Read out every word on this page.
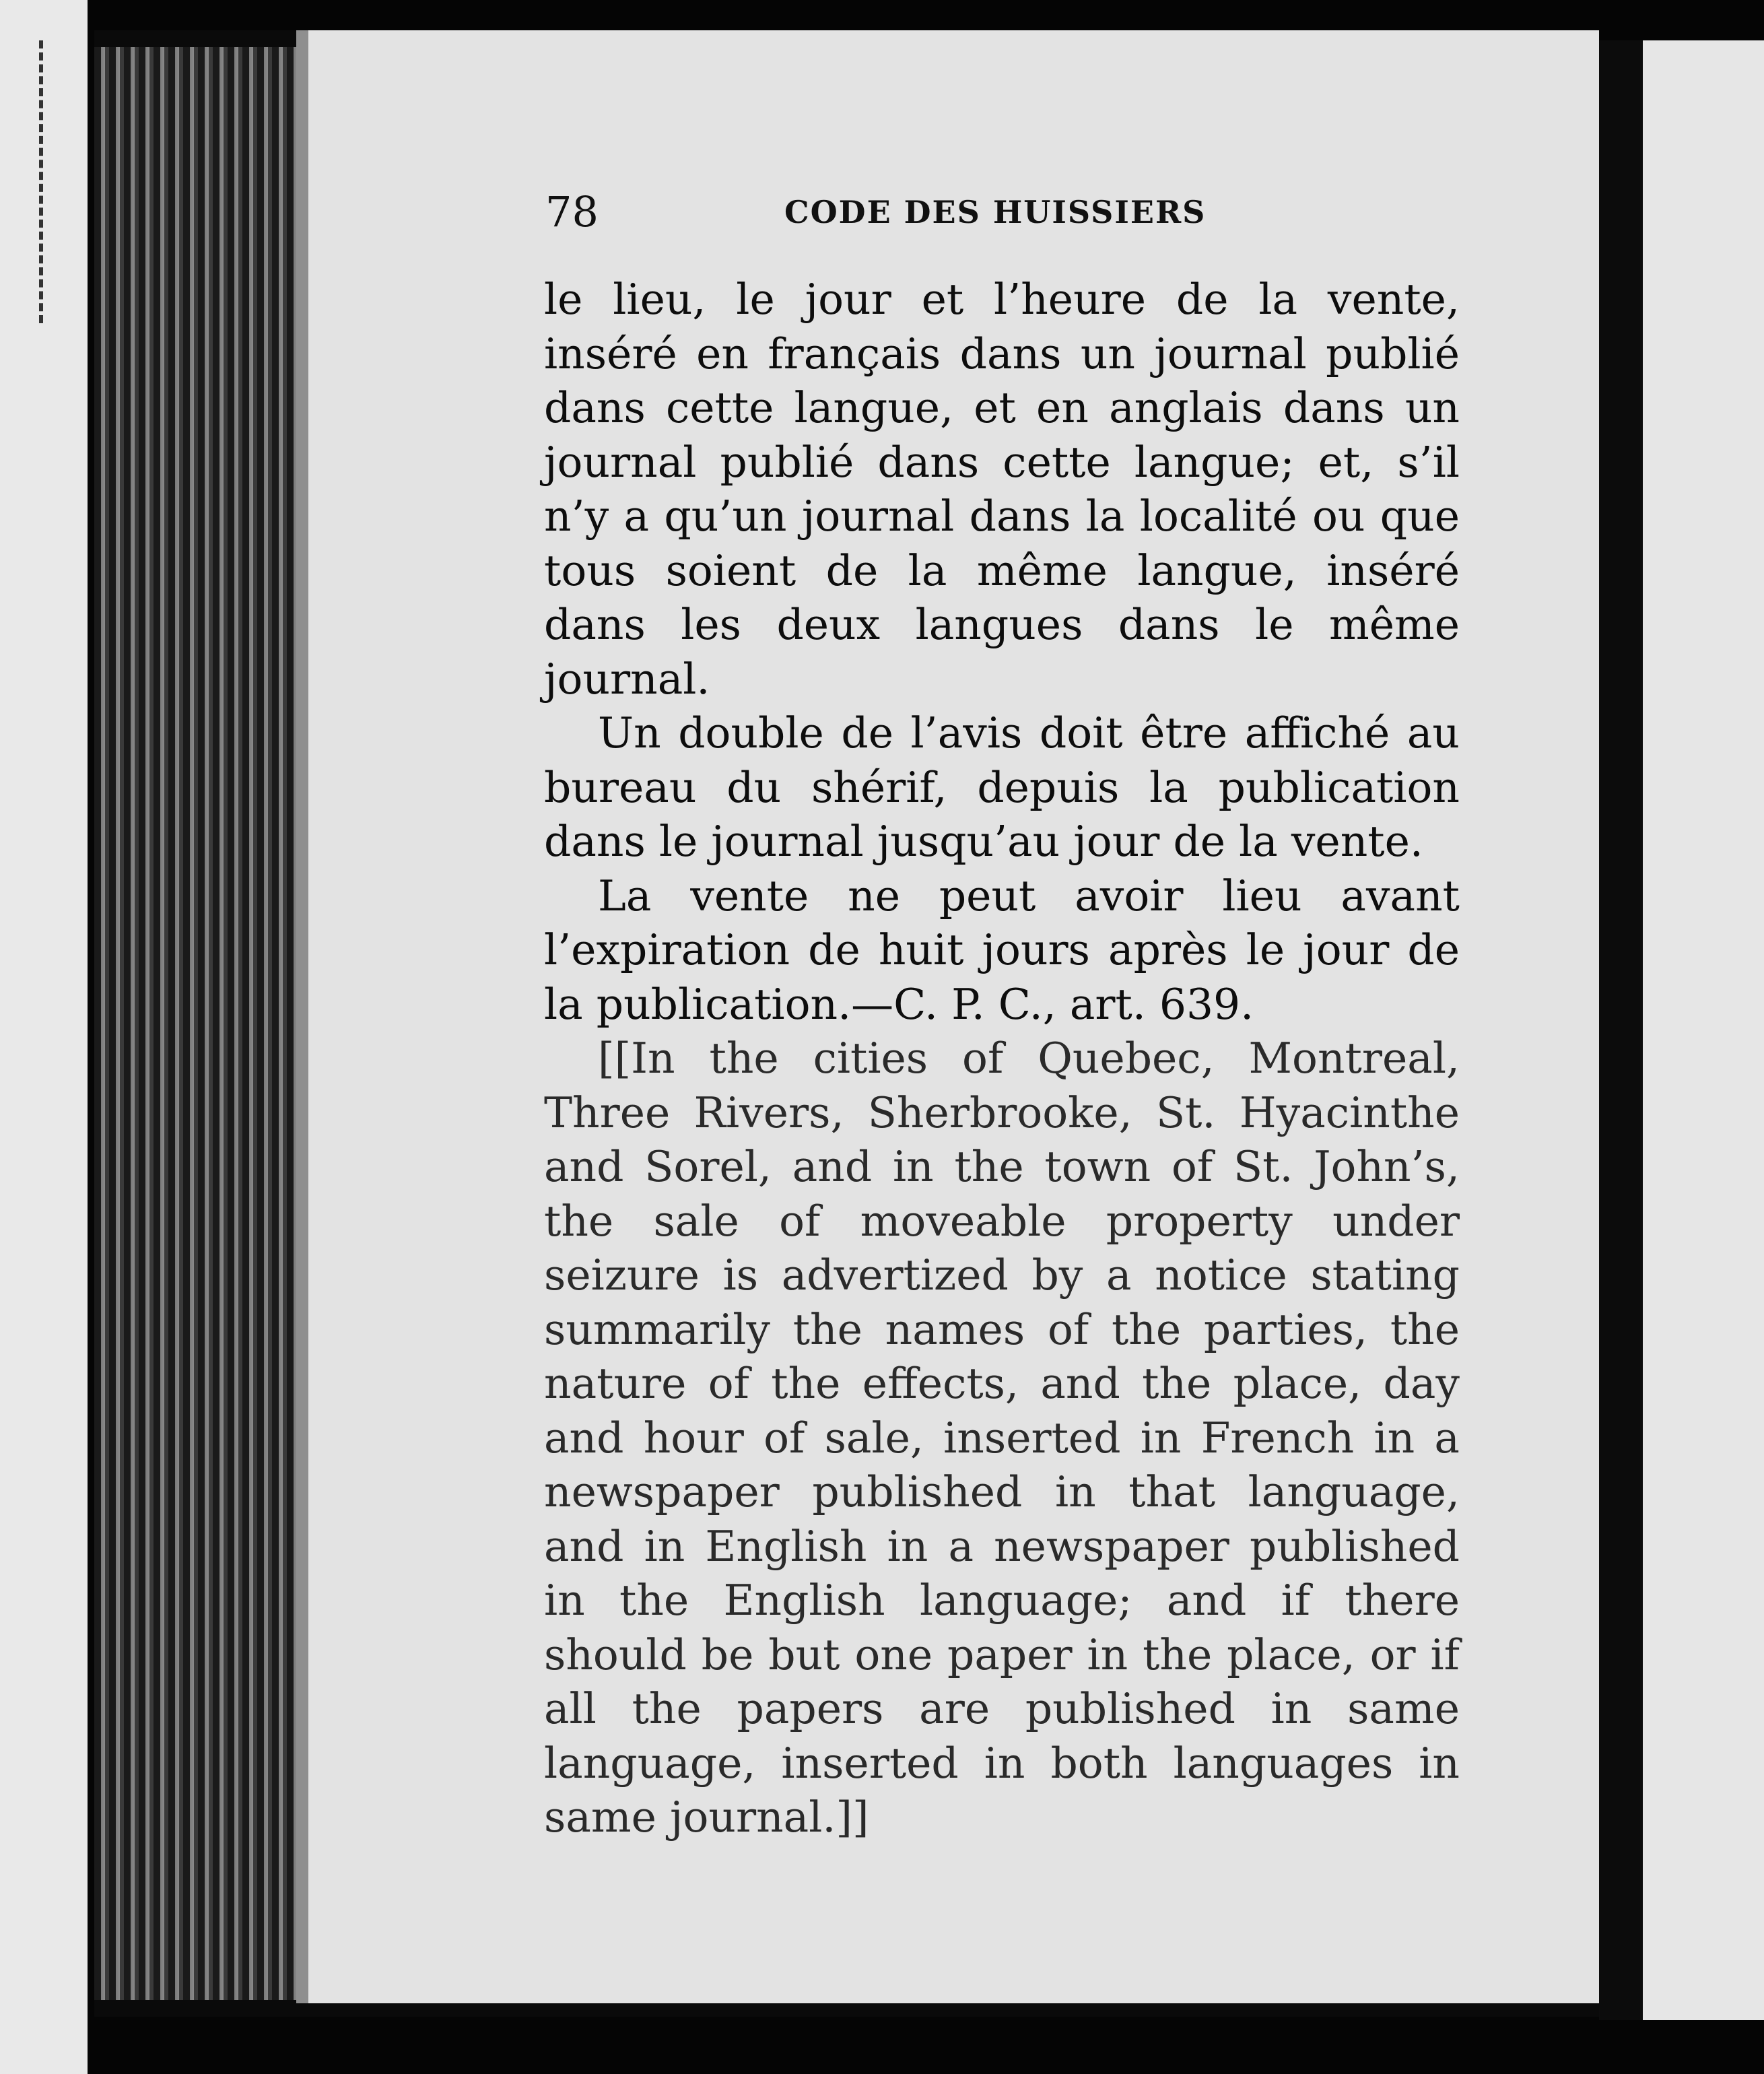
78	CODE DES HUISSIERS

le lieu, le jour et l’heure de la vente, inséré en français dans un journal publié dans cette langue, et en anglais dans un journal publié dans cette langue; et, s’il n’y a qu’un journal dans la localité ou que tous soient de la même langue, inséré dans les deux langues dans le même journal.

Un double de l’avis doit être affiché au bureau du shérif, depuis la publication dans le journal jusqu’au jour de la vente.

La vente ne peut avoir lieu avant l’expiration de huit jours après le jour de la publication.—C. P. C., art. 639.

[[In the cities of Quebec, Montreal, Three Rivers, Sherbrooke, St. Hyacinthe and Sorel, and in the town of St. John’s, the sale of moveable property under seizure is advertized by a notice stating summarily the names of the parties, the nature of the effects, and the place, day and hour of sale, inserted in French in a newspaper published in that language, and in English in a newspaper published in the English language; and if there should be but one paper in the place, or if all the papers are published in same language, inserted in both languages in same journal.]]
